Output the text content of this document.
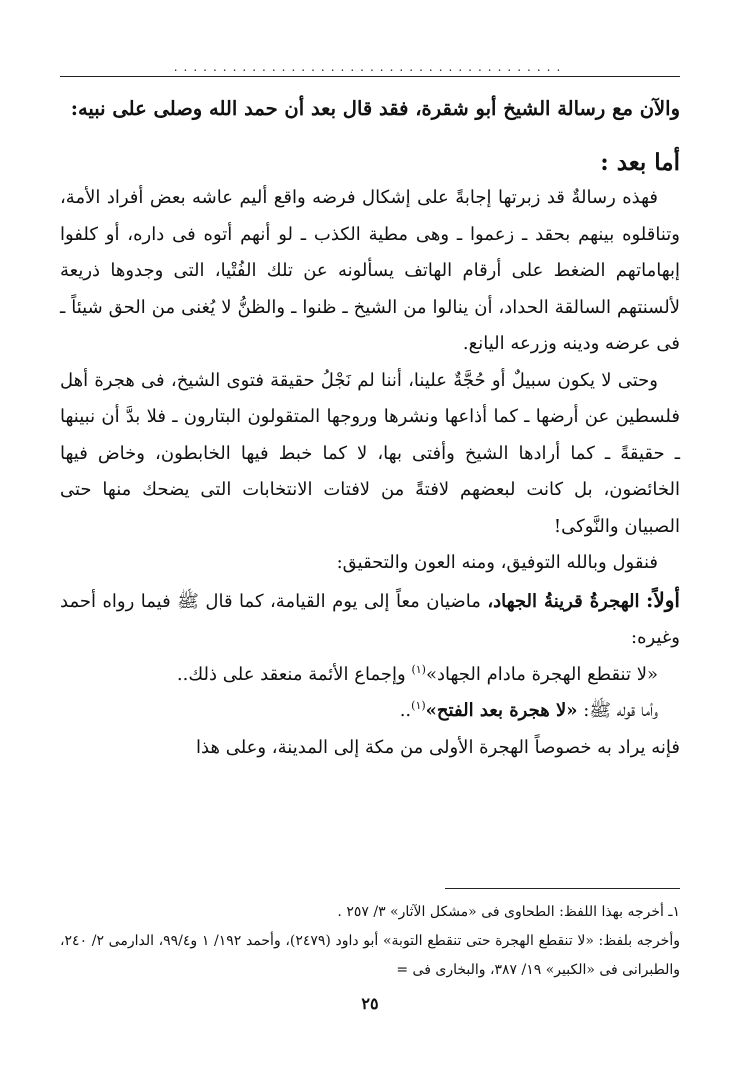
........................................

والآن مع رسالة الشيخ أبو شقرة، فقد قال بعد أن حمد الله وصلى على نبيه:

أما بعد :

فهذه رسالةٌ قد زبرتها إجابةً على إشكال فرضه واقع أليم عاشه بعض أفراد الأمة، وتناقلوه بينهم بحقد ـ زعموا ـ وهى مطية الكذب ـ لو أنهم أتوه فى داره، أو كلفوا إبهاماتهم الضغط على أرقام الهاتف يسألونه عن تلك الفُتْيا، التى وجدوها ذريعة لألسنتهم السالقة الحداد، أن ينالوا من الشيخ ـ ظنوا ـ والظنُّ لا يُغنى من الحق شيئاً ـ فى عرضه ودينه وزرعه اليانع.

وحتى لا يكون سبيلٌ أو حُجَّةٌ علينا، أننا لم نَجْلُ حقيقة فتوى الشيخ، فى هجرة أهل فلسطين عن أرضها ـ كما أذاعها ونشرها وروجها المتقولون البتارون ـ فلا بدَّ أن نبينها ـ حقيقةً ـ كما أرادها الشيخ وأفتى بها، لا كما خبط فيها الخابطون، وخاض فيها الخائضون، بل كانت لبعضهم لافتةً من لافتات الانتخابات التى يضحك منها حتى الصبيان والنَّوكى!

فنقول وبالله التوفيق، ومنه العون والتحقيق:

أولاً: الهجرةُ قرينةُ الجهاد، ماضيان معاً إلى يوم القيامة، كما قال ﷺ فيما رواه أحمد وغيره:

«لا تنقطع الهجرة مادام الجهاد»$^{(١)}$ وإجماع الأئمة منعقد على ذلك..

وأما قوله ﷺ: «لا هجرة بعد الفتح»$^{(١)}$..

فإنه يراد به خصوصاً الهجرة الأولى من مكة إلى المدينة، وعلى هذا

١ـ أخرجه بهذا اللفظ: الطحاوى فى «مشكل الآثار» ٣/ ٢٥٧ .

وأخرجه بلفظ: «لا تنقطع الهجرة حتى تنقطع التوبة» أبو داود (٢٤٧٩)، وأحمد ١٩٢/ ١ و٩٩/٤، الدارمى ٢/ ٢٤٠، والطبرانى فى «الكبير» ١٩/ ٣٨٧، والبخارى فى =

٢٥
